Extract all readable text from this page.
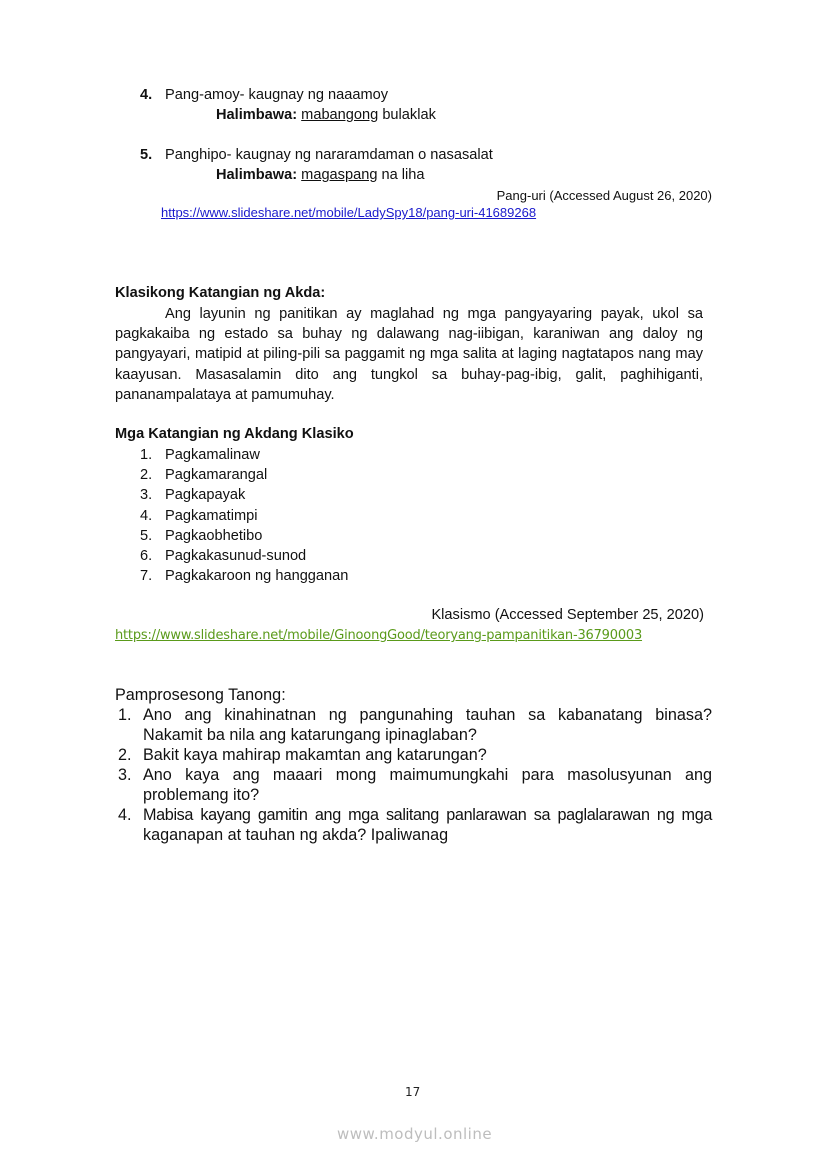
4. Pang-amoy- kaugnay ng naaamoy
Halimbawa: mabangong bulaklak
5. Panghipo- kaugnay ng nararamdaman o nasasalat
Halimbawa: magaspang na liha
Pang-uri (Accessed August 26, 2020)
https://www.slideshare.net/mobile/LadySpy18/pang-uri-41689268
Klasikong Katangian ng Akda:
Ang layunin ng panitikan ay maglahad ng mga pangyayaring payak, ukol sa pagkakaiba ng estado sa buhay ng dalawang nag-iibigan, karaniwan ang daloy ng pangyayari, matipid at piling-pili sa paggamit ng mga salita at laging nagtatapos nang may kaayusan. Masasalamin dito ang tungkol sa buhay-pag-ibig, galit, paghihiganti, pananampalataya at pamumuhay.
Mga Katangian ng Akdang Klasiko
1. Pagkamalinaw
2. Pagkamarangal
3. Pagkapayak
4. Pagkamatimpi
5. Pagkaobhetibo
6. Pagkakasunud-sunod
7. Pagkakaroon ng hangganan
Klasismo (Accessed September 25, 2020)
https://www.slideshare.net/mobile/GinoongGood/teoryang-pampanitikan-36790003
Pamprosesong Tanong:
1. Ano ang kinahinatnan ng pangunahing tauhan sa kabanatang binasa?
Nakamit ba nila ang katarungang ipinaglaban?
2. Bakit kaya mahirap makamtan ang katarungan?
3. Ano kaya ang maaari mong maimumungkahi para masolusyunan ang
problemang ito?
4. Mabisa kayang gamitin ang mga salitang panlarawan sa paglalarawan ng mga
kaganapan at tauhan ng akda? Ipaliwanag
17
www.modyul.online
